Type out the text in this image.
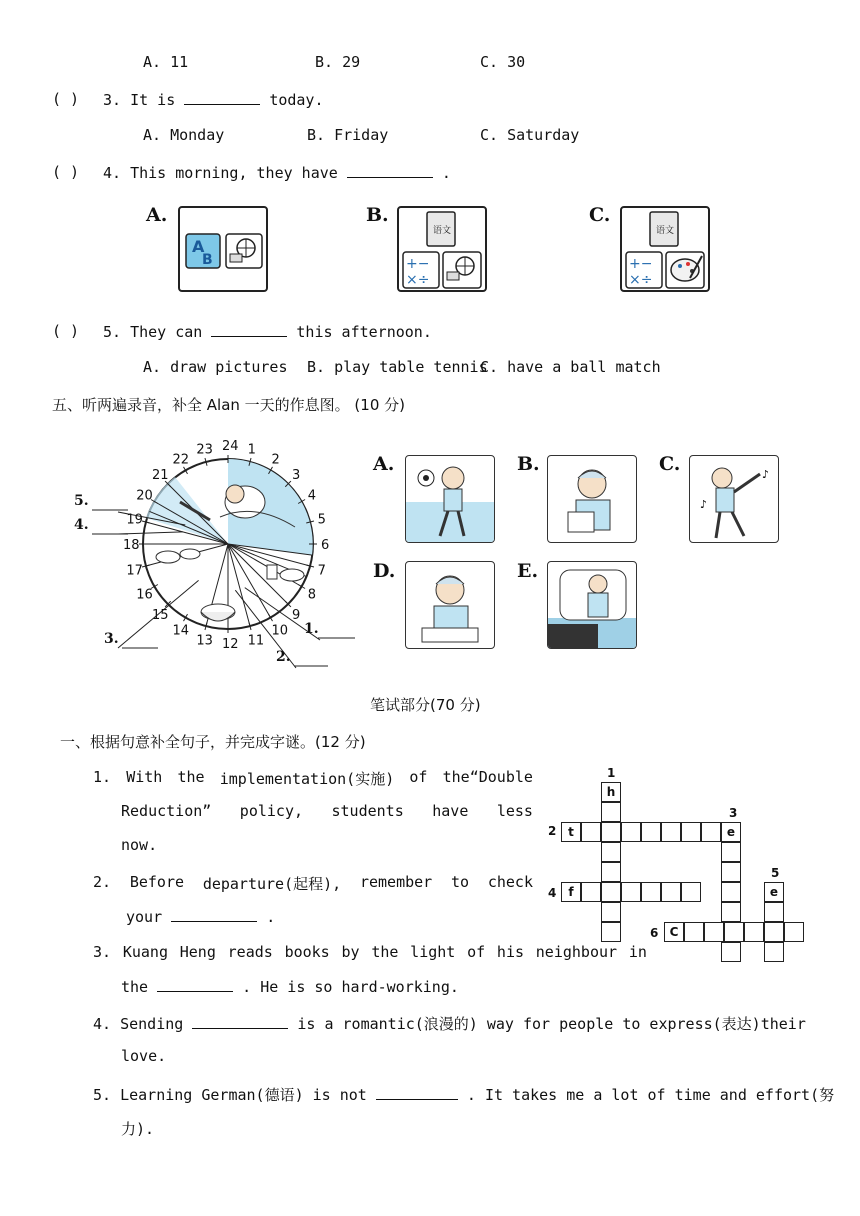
A. 11	B. 29	C. 30
( ) 3. It is	today.
A. Monday	B. Friday	C. Saturday
( ) 4. This morning, they have	.
A.
A
B
B.
语文
+−
×÷
C.
语文
+−
×÷
( ) 5. They can	this afternoon.
A. draw pictures B. play table tennis
C. have a ball match
五、听两遍录音，补全 Alan 一天的作息图。 (10 分)
24 1
2
3
4
5
6
7
8
9
10
11
12
13
14
15
16
17
18
19
20
21
22
23
5.
4.
3.
1.
2.
A.	B.	C.	♪
♪
D.	E.
笔试部分(70 分)
一、根据句意补全句子，并完成字谜。(12 分)
1. With the implementation(实施) of the“Double
Reduction” policy, students have less
now.
2. Before departure(起程), remember to check
your	.
3. Kuang Heng reads books by the light of his neighbour in
the	. He is so hard-working.
4. Sending	is a romantic(浪漫的) way for people to express(表达)their
love.
5. Learning German(德语) is not	. It takes me a lot of time and effort(努
力).
h
t	e
f	e
C
1
2
3
4
5
6
